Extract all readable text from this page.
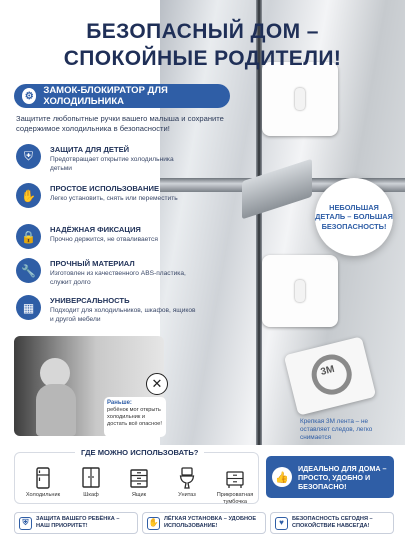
БЕЗОПАСНЫЙ ДОМ –
СПОКОЙНЫЕ РОДИТЕЛИ!
⚙ ЗАМОК-БЛОКИРАТОР ДЛЯ ХОЛОДИЛЬНИКА
Защитите любопытные ручки вашего малыша и сохраните содержимое холодильника в безопасности!
⛨	ЗАЩИТА ДЛЯ ДЕТЕЙ
Предотвращает открытие холодильника детьми
✋	ПРОСТОЕ ИСПОЛЬЗОВАНИЕ
Легко установить, снять или переместить
🔒	НАДЁЖНАЯ ФИКСАЦИЯ
Прочно держится, не отваливается
🔧	ПРОЧНЫЙ МАТЕРИАЛ
Изготовлен из качественного ABS-пластика, служит долго
▦	УНИВЕРСАЛЬНОСТЬ
Подходит для холодильников, шкафов, ящиков и другой мебели
НЕБОЛЬШАЯ ДЕТАЛЬ – БОЛЬШАЯ БЕЗОПАСНОСТЬ!
✕
Раньше:
ребёнок мог открыть холодильник и достать всё опасное!
3M
Крепкая 3М лента – не оставляет следов, легко снимается
ГДЕ МОЖНО ИСПОЛЬЗОВАТЬ?
Холодильник	Шкаф	Ящик	Унитаз	Прикроватная тумбочка
👍
ИДЕАЛЬНО ДЛЯ ДОМА – ПРОСТО, УДОБНО И БЕЗОПАСНО!
⛨	ЗАЩИТА ВАШЕГО РЕБЁНКА – НАШ ПРИОРИТЕТ!	✋ ЛЁГКАЯ УСТАНОВКА – УДОБНОЕ ИСПОЛЬЗОВАНИЕ!	♥	БЕЗОПАСНОСТЬ СЕГОДНЯ – СПОКОЙСТВИЕ НАВСЕГДА!
